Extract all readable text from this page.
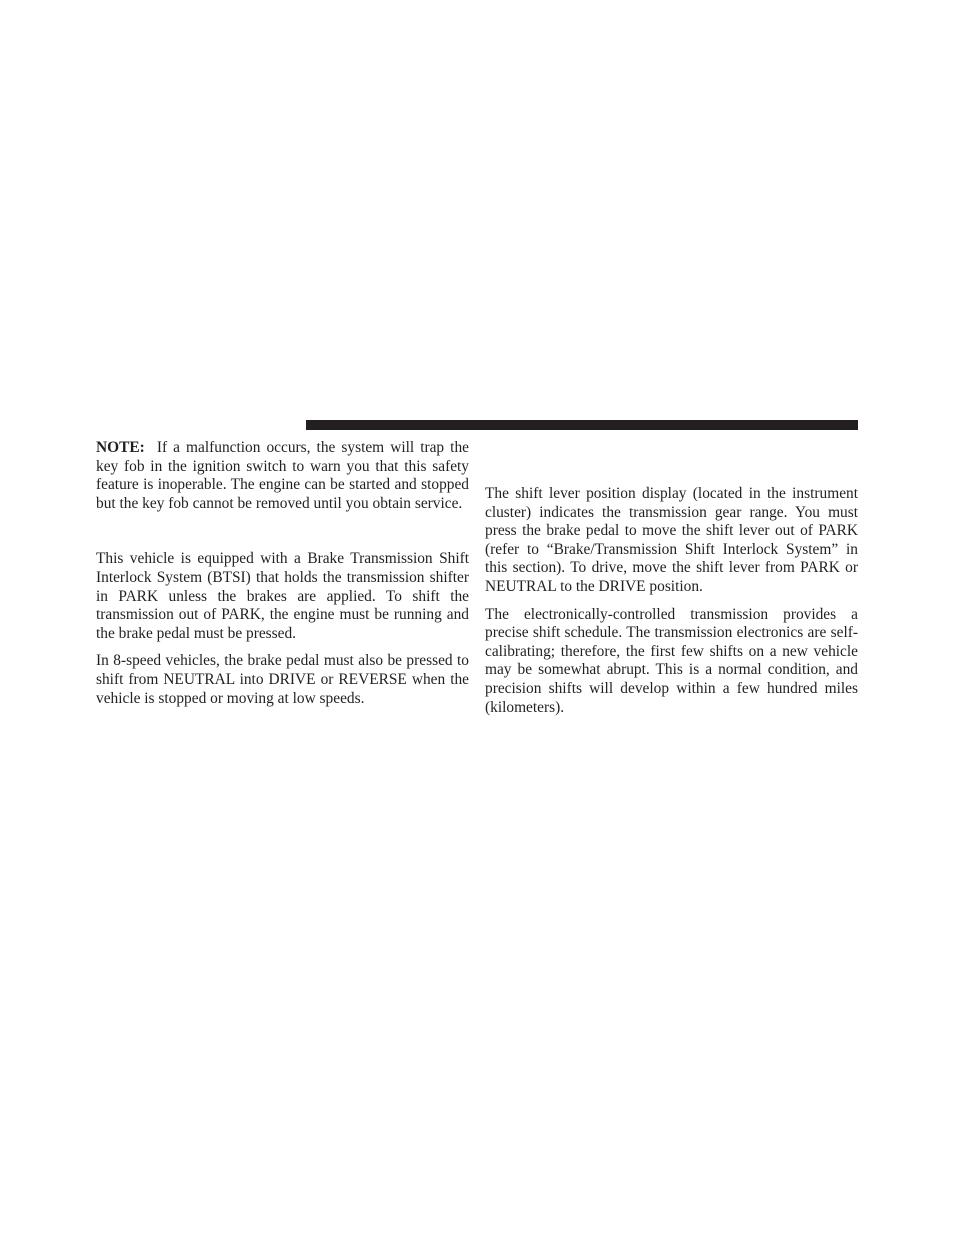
NOTE: If a malfunction occurs, the system will trap the key fob in the ignition switch to warn you that this safety feature is inoperable. The engine can be started and stopped but the key fob cannot be removed until you obtain service.

This vehicle is equipped with a Brake Transmission Shift Interlock System (BTSI) that holds the transmission shifter in PARK unless the brakes are applied. To shift the transmission out of PARK, the engine must be running and the brake pedal must be pressed.

In 8-speed vehicles, the brake pedal must also be pressed to shift from NEUTRAL into DRIVE or REVERSE when the vehicle is stopped or moving at low speeds.

The shift lever position display (located in the instrument cluster) indicates the transmission gear range. You must press the brake pedal to move the shift lever out of PARK (refer to “Brake/Transmission Shift Interlock System” in this section). To drive, move the shift lever from PARK or NEUTRAL to the DRIVE position.

The electronically-controlled transmission provides a precise shift schedule. The transmission electronics are self-calibrating; therefore, the first few shifts on a new vehicle may be somewhat abrupt. This is a normal condition, and precision shifts will develop within a few hundred miles (kilometers).
